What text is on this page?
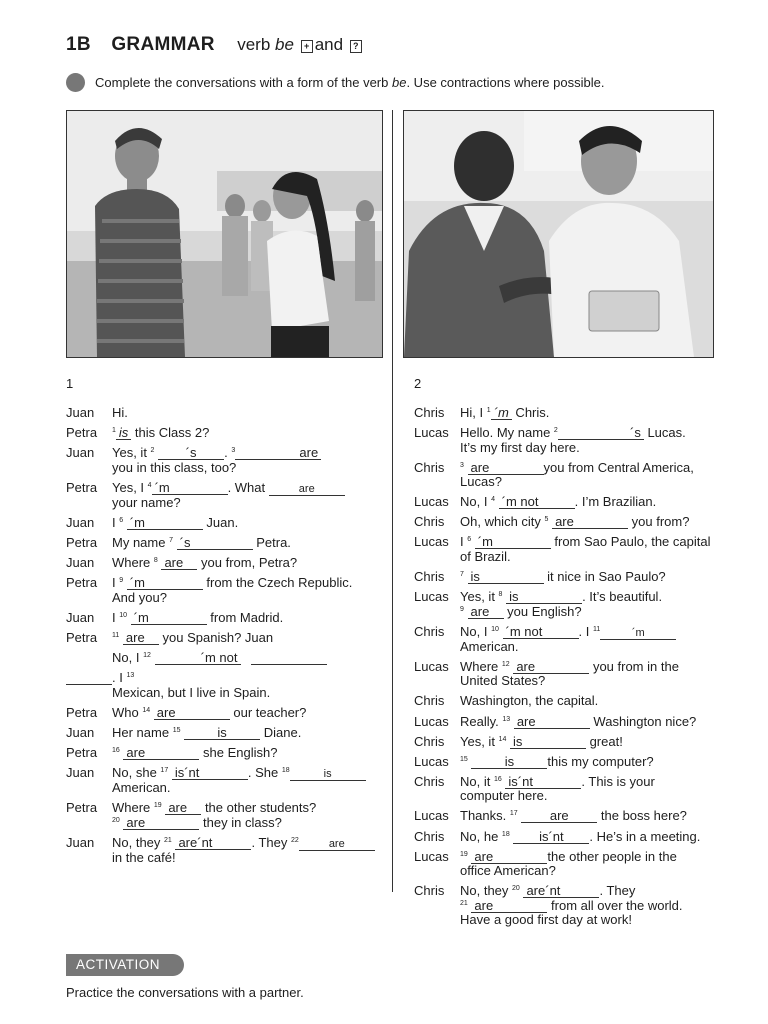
1B GRAMMAR verb be + and ?
Complete the conversations with a form of the verb be. Use contractions where possible.
1
Juan	Hi.
Petra	$^1$ is this Class 2?
Juan	Yes, it $^2$ ´s . $^3$	are
you in this class, too?
Petra	Yes, I $^4$ ´m	. What	are
your name?
Juan	I $^6$ ´m	Juan.
Petra	My name $^7$ ´s	Petra.
Juan	Where $^8$ are you from, Petra?
Petra	I $^9$ ´m	from the Czech Republic.
And you?
Juan	I $^{10}$ ´m	from Madrid.
Petra	$^{11}$ are you Spanish? Juan
No, I $^{12}$	´m not
. I $^{13}$
Mexican, but I live in Spain.
Petra	Who $^{14}$ are	our teacher?
Juan	Her name $^{15}$	is	Diane.
Petra	$^{16}$ are	she English?
Juan	No, she $^{17}$ is´nt	. She $^{18}$	is
American.
Petra	Where $^{19}$ are the other students?
$^{20}$ are	they in class?
Juan	No, they $^{21}$ are´nt	. They $^{22}$	are
in the café!
2
Chris	Hi, I $^1$ ´m Chris.
Lucas Hello. My name $^2$	´s Lucas.
It’s my first day here.
Chris	$^3$ are	you from Central America,
Lucas?
Lucas No, I $^4$ ´m not	. I’m Brazilian.
Chris	Oh, which city $^5$ are	you from?
Lucas I $^6$ ´m	from Sao Paulo, the capital
of Brazil.
Chris	$^7$ is	it nice in Sao Paulo?
Lucas Yes, it $^8$ is	. It’s beautiful.
$^9$ are you English?
Chris	No, I $^{10}$ ´m not	. I $^{11}$	´m
American.
Lucas Where $^{12}$ are	you from in the
United States?
Chris	Washington, the capital.
Lucas Really. $^{13}$ are	Washington nice?
Chris	Yes, it $^{14}$ is	great!
Lucas	$^{15}$	is	this my computer?
Chris	No, it $^{16}$ is´nt	. This is your
computer here.
Lucas Thanks. $^{17}$ are the boss here?
Chris	No, he $^{18}$ is´nt . He’s in a meeting.
Lucas	$^{19}$ are	the other people in the
office American?
Chris	No, they $^{20}$ are´nt	. They
$^{21}$ are	from all over the world.
Have a good first day at work!
ACTIVATION
Practice the conversations with a partner.
